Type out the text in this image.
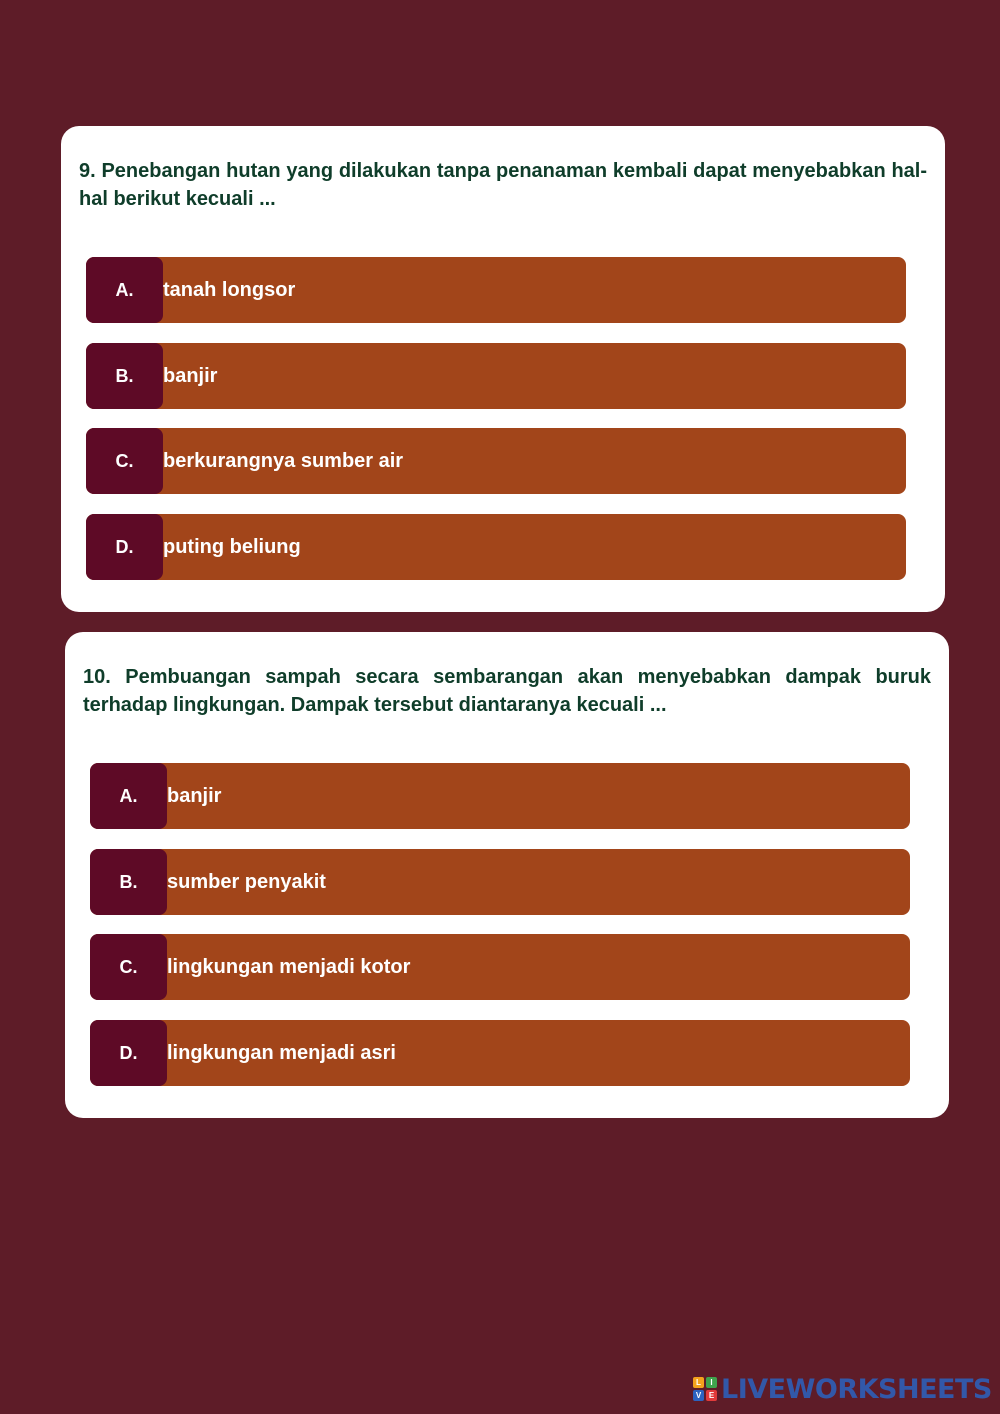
9. Penebangan hutan yang dilakukan tanpa penanaman kembali dapat menyebabkan hal-hal berikut kecuali ...

A. tanah longsor
B. banjir
C. berkurangnya sumber air
D. puting beliung

10. Pembuangan sampah secara sembarangan akan menyebabkan dampak buruk terhadap lingkungan. Dampak tersebut diantaranya kecuali ...

A. banjir
B. sumber penyakit
C. lingkungan menjadi kotor
D. lingkungan menjadi asri
L	I
V E LIVEWORKSHEETS
